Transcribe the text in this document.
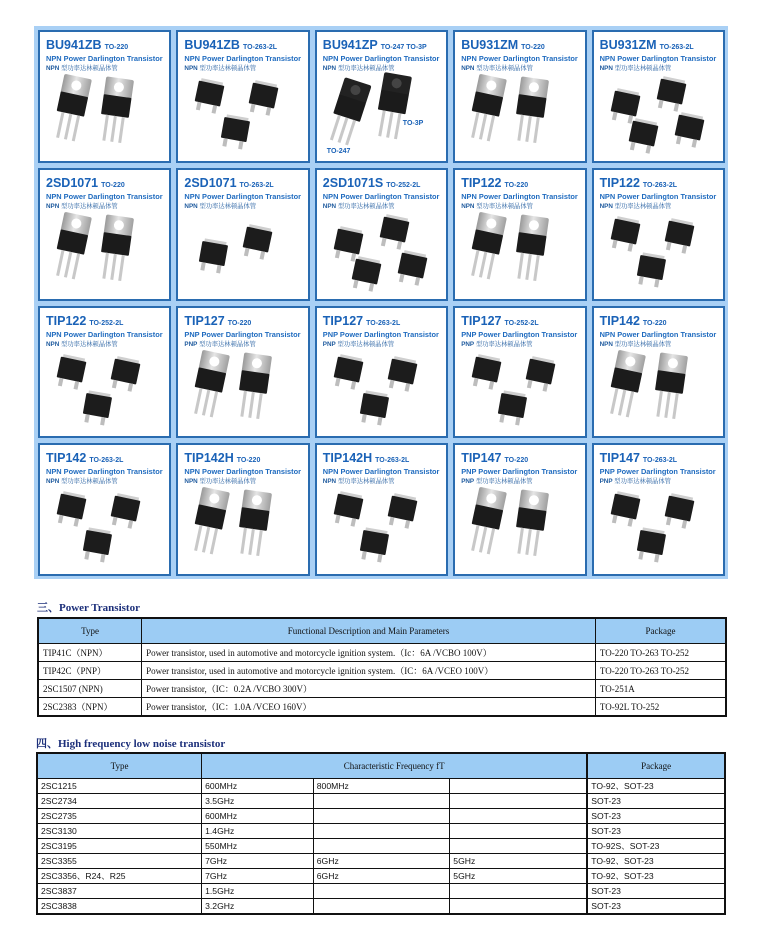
BU941ZB TO-220
NPN Power Darlington Transistor
NPN 型功率达林顿晶体管
BU941ZB TO-263-2L
NPN Power Darlington Transistor
NPN 型功率达林顿晶体管
BU941ZP TO-247 TO-3P
NPN Power Darlington Transistor
NPN 型功率达林顿晶体管
TO-247
TO-3P
BU931ZM TO-220
NPN Power Darlington Transistor
NPN 型功率达林顿晶体管
BU931ZM TO-263-2L
NPN Power Darlington Transistor
NPN 型功率达林顿晶体管
2SD1071 TO-220
NPN Power Darlington Transistor
NPN 型功率达林顿晶体管
2SD1071 TO-263-2L
NPN Power Darlington Transistor
NPN 型功率达林顿晶体管
2SD1071S TO-252-2L
NPN Power Darlington Transistor
NPN 型功率达林顿晶体管
TIP122 TO-220
NPN Power Darlington Transistor
NPN 型功率达林顿晶体管
TIP122 TO-263-2L
NPN Power Darlington Transistor
NPN 型功率达林顿晶体管
TIP122 TO-252-2L
NPN Power Darlington Transistor
NPN 型功率达林顿晶体管
TIP127 TO-220
PNP Power Darlington Transistor
PNP 型功率达林顿晶体管
TIP127 TO-263-2L
PNP Power Darlington Transistor
PNP 型功率达林顿晶体管
TIP127 TO-252-2L
PNP Power Darlington Transistor
PNP 型功率达林顿晶体管
TIP142 TO-220
NPN Power Darlington Transistor
NPN 型功率达林顿晶体管
TIP142 TO-263-2L
NPN Power Darlington Transistor
NPN 型功率达林顿晶体管
TIP142H TO-220
NPN Power Darlington Transistor
NPN 型功率达林顿晶体管
TIP142H TO-263-2L
NPN Power Darlington Transistor
NPN 型功率达林顿晶体管
TIP147 TO-220
PNP Power Darlington Transistor
PNP 型功率达林顿晶体管
TIP147 TO-263-2L
PNP Power Darlington Transistor
PNP 型功率达林顿晶体管
三、Power Transistor
Type	Functional Description and Main Parameters	Package
TIP41C（NPN）	Power transistor, used in automotive and motorcycle ignition system.（Ic：6A /VCBO 100V）	TO-220 TO-263 TO-252
TIP42C（PNP）	Power transistor, used in automotive and motorcycle ignition system.（IC：6A /VCEO 100V）	TO-220 TO-263 TO-252
2SC1507 (NPN)	Power transistor,（IC：0.2A /VCBO 300V）	TO-251A
2SC2383（NPN）	Power transistor,（IC：1.0A /VCEO 160V）	TO-92L TO-252
四、High frequency low noise transistor
Type	Characteristic Frequency fT			Package
2SC1215	600MHz	800MHz		TO-92、SOT-23
2SC2734	3.5GHz			SOT-23
2SC2735	600MHz			SOT-23
2SC3130	1.4GHz			SOT-23
2SC3195	550MHz			TO-92S、SOT-23
2SC3355	7GHz	6GHz	5GHz	TO-92、SOT-23
2SC3356、R24、R25	7GHz	6GHz	5GHz	TO-92、SOT-23
2SC3837	1.5GHz			SOT-23
2SC3838	3.2GHz			SOT-23
